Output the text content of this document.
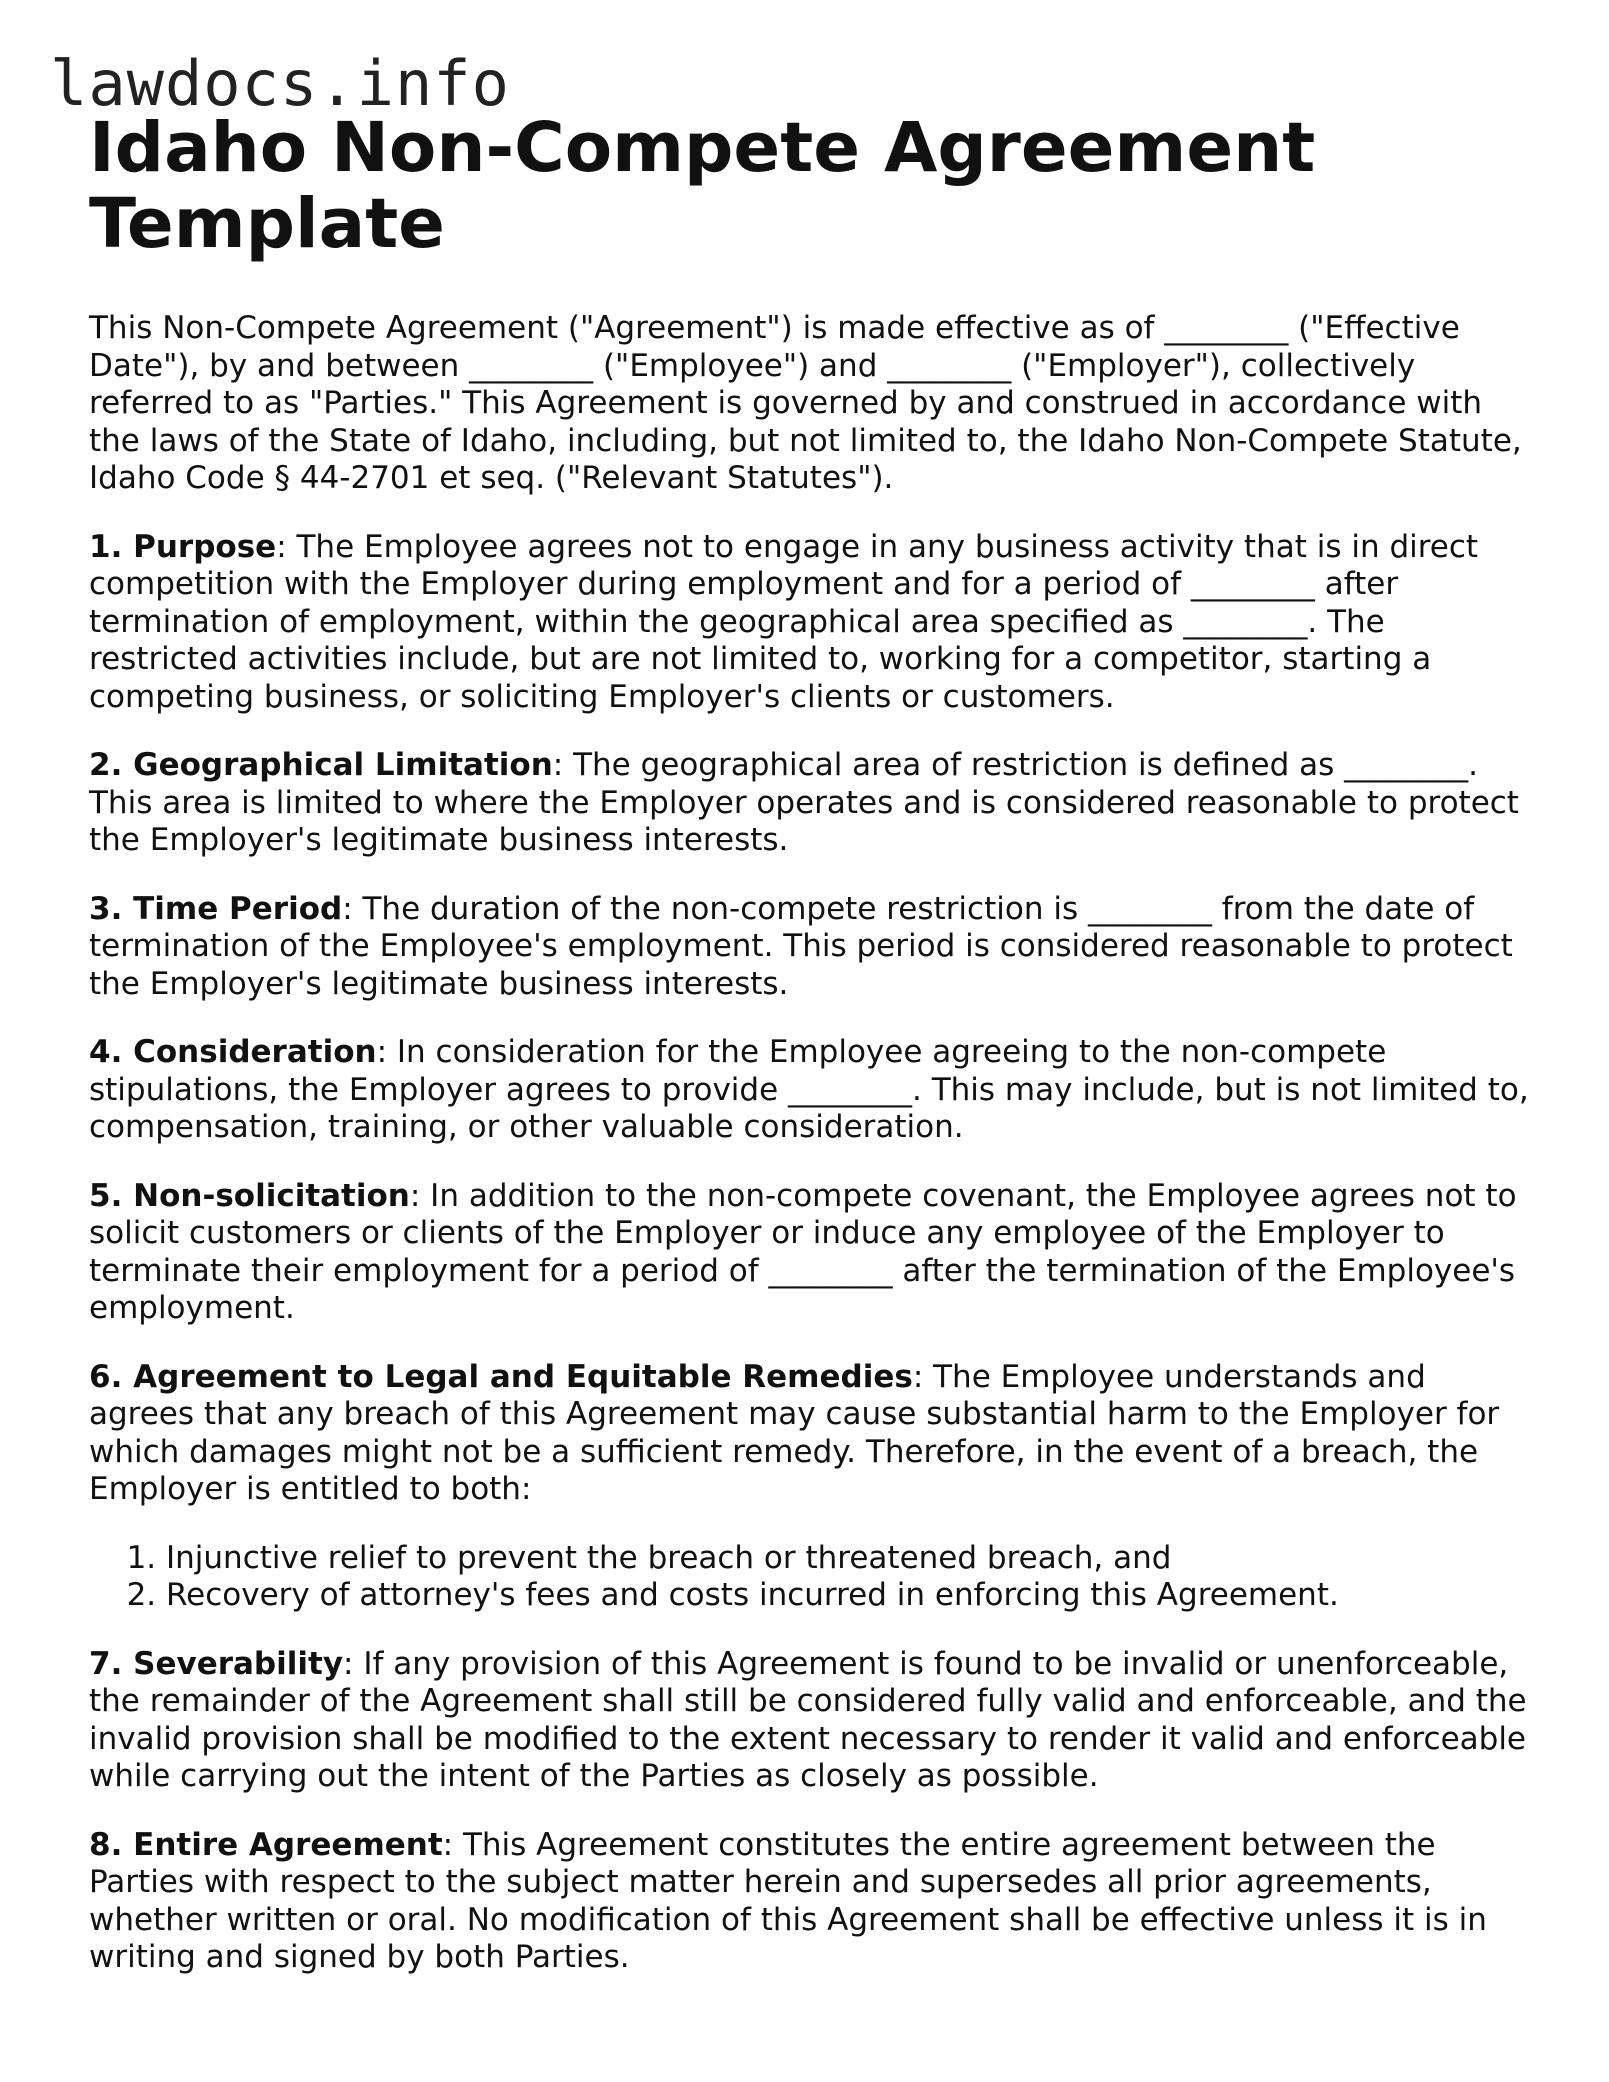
lawdocs.info
Idaho Non-Compete Agreement Template

This Non-Compete Agreement ("Agreement") is made effective as of ________ ("Effective Date"), by and between ________ ("Employee") and ________ ("Employer"), collectively referred to as "Parties." This Agreement is governed by and construed in accordance with the laws of the State of Idaho, including, but not limited to, the Idaho Non-Compete Statute, Idaho Code § 44-2701 et seq. ("Relevant Statutes").

1. Purpose: The Employee agrees not to engage in any business activity that is in direct competition with the Employer during employment and for a period of ________ after termination of employment, within the geographical area specified as ________. The restricted activities include, but are not limited to, working for a competitor, starting a competing business, or soliciting Employer's clients or customers.

2. Geographical Limitation: The geographical area of restriction is defined as ________. This area is limited to where the Employer operates and is considered reasonable to protect the Employer's legitimate business interests.

3. Time Period: The duration of the non-compete restriction is ________ from the date of termination of the Employee's employment. This period is considered reasonable to protect the Employer's legitimate business interests.

4. Consideration: In consideration for the Employee agreeing to the non-compete stipulations, the Employer agrees to provide ________. This may include, but is not limited to, compensation, training, or other valuable consideration.

5. Non-solicitation: In addition to the non-compete covenant, the Employee agrees not to solicit customers or clients of the Employer or induce any employee of the Employer to terminate their employment for a period of ________ after the termination of the Employee's employment.

6. Agreement to Legal and Equitable Remedies: The Employee understands and agrees that any breach of this Agreement may cause substantial harm to the Employer for which damages might not be a sufficient remedy. Therefore, in the event of a breach, the Employer is entitled to both:

1. Injunctive relief to prevent the breach or threatened breach, and
2. Recovery of attorney's fees and costs incurred in enforcing this Agreement.

7. Severability: If any provision of this Agreement is found to be invalid or unenforceable, the remainder of the Agreement shall still be considered fully valid and enforceable, and the invalid provision shall be modified to the extent necessary to render it valid and enforceable while carrying out the intent of the Parties as closely as possible.

8. Entire Agreement: This Agreement constitutes the entire agreement between the Parties with respect to the subject matter herein and supersedes all prior agreements, whether written or oral. No modification of this Agreement shall be effective unless it is in writing and signed by both Parties.
